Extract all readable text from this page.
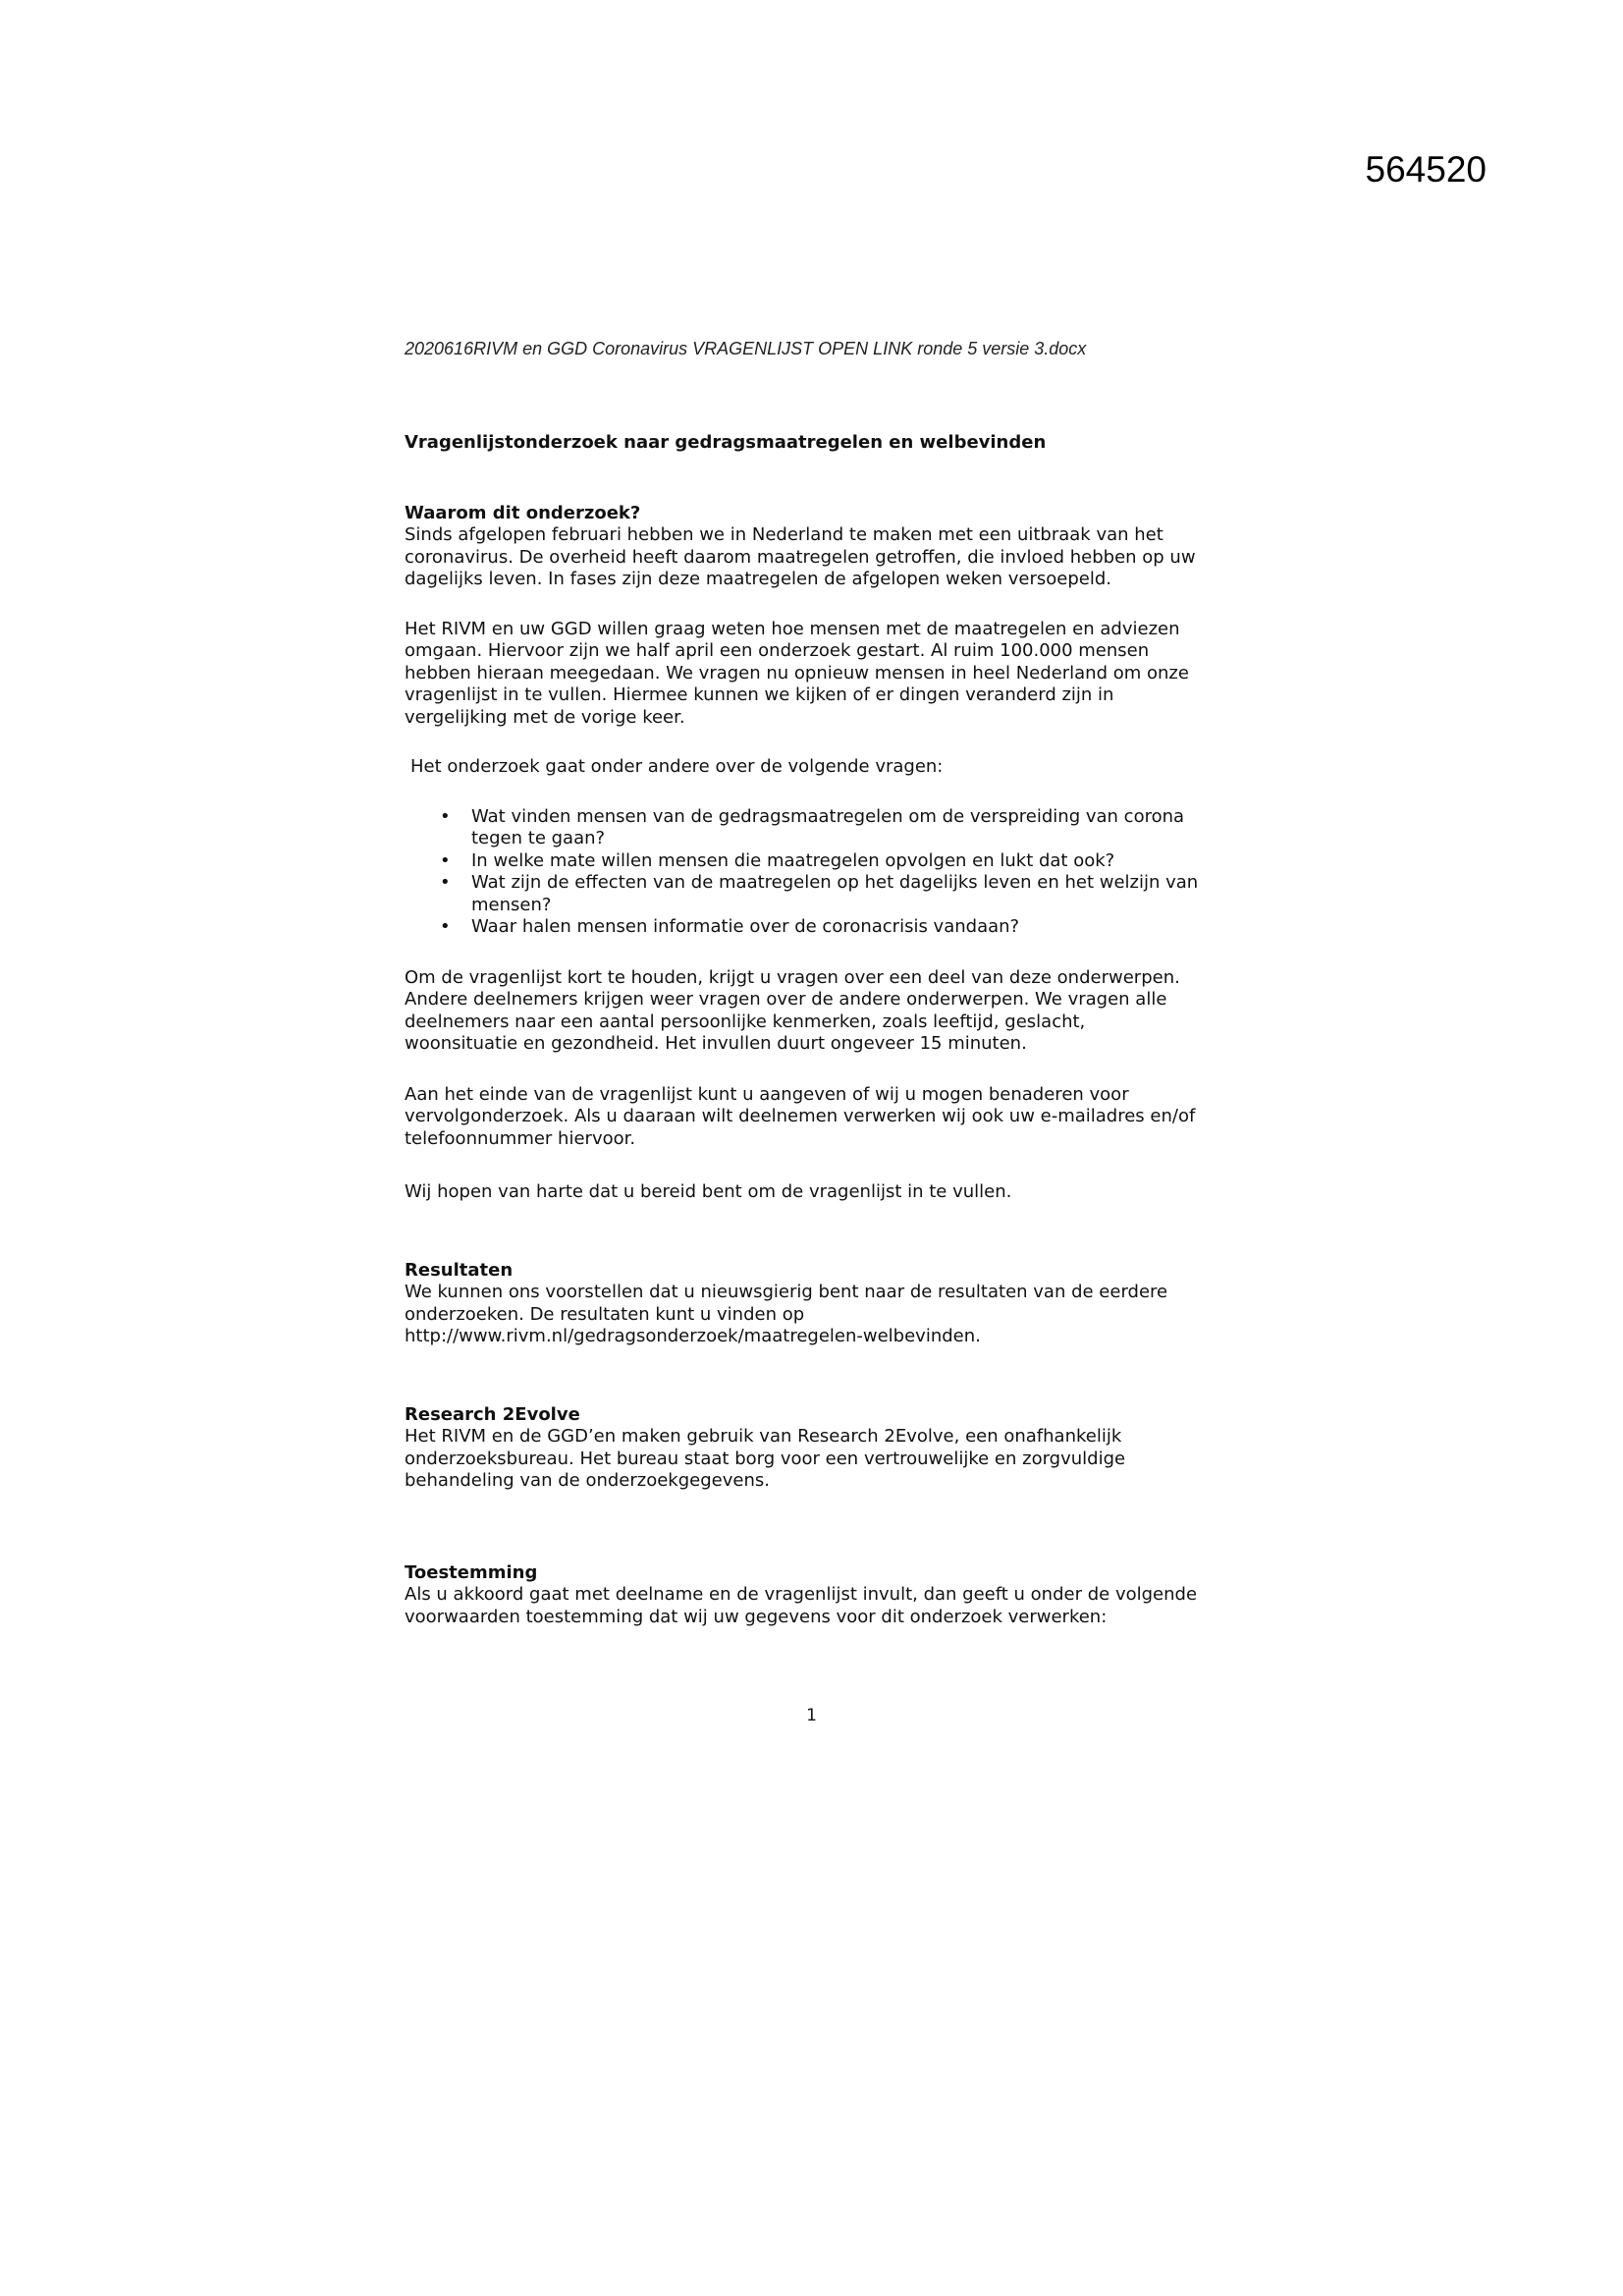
564520
2020616RIVM en GGD Coronavirus VRAGENLIJST OPEN LINK ronde 5 versie 3.docx

Vragenlijstonderzoek naar gedragsmaatregelen en welbevinden

Waarom dit onderzoek?

Sinds afgelopen februari hebben we in Nederland te maken met een uitbraak van het
coronavirus. De overheid heeft daarom maatregelen getroffen, die invloed hebben op uw
dagelijks leven. In fases zijn deze maatregelen de afgelopen weken versoepeld.

Het RIVM en uw GGD willen graag weten hoe mensen met de maatregelen en adviezen
omgaan. Hiervoor zijn we half april een onderzoek gestart. Al ruim 100.000 mensen
hebben hieraan meegedaan. We vragen nu opnieuw mensen in heel Nederland om onze
vragenlijst in te vullen. Hiermee kunnen we kijken of er dingen veranderd zijn in
vergelijking met de vorige keer.

Het onderzoek gaat onder andere over de volgende vragen:

• Wat vinden mensen van de gedragsmaatregelen om de verspreiding van corona
tegen te gaan?
• In welke mate willen mensen die maatregelen opvolgen en lukt dat ook?
• Wat zijn de effecten van de maatregelen op het dagelijks leven en het welzijn van
mensen?
• Waar halen mensen informatie over de coronacrisis vandaan?

Om de vragenlijst kort te houden, krijgt u vragen over een deel van deze onderwerpen.
Andere deelnemers krijgen weer vragen over de andere onderwerpen. We vragen alle
deelnemers naar een aantal persoonlijke kenmerken, zoals leeftijd, geslacht,
woonsituatie en gezondheid. Het invullen duurt ongeveer 15 minuten.

Aan het einde van de vragenlijst kunt u aangeven of wij u mogen benaderen voor
vervolgonderzoek. Als u daaraan wilt deelnemen verwerken wij ook uw e-mailadres en/of
telefoonnummer hiervoor.

Wij hopen van harte dat u bereid bent om de vragenlijst in te vullen.

Resultaten

We kunnen ons voorstellen dat u nieuwsgierig bent naar de resultaten van de eerdere
onderzoeken. De resultaten kunt u vinden op
http://www.rivm.nl/gedragsonderzoek/maatregelen-welbevinden.

Research 2Evolve

Het RIVM en de GGD’en maken gebruik van Research 2Evolve, een onafhankelijk
onderzoeksbureau. Het bureau staat borg voor een vertrouwelijke en zorgvuldige
behandeling van de onderzoekgegevens.

Toestemming

Als u akkoord gaat met deelname en de vragenlijst invult, dan geeft u onder de volgende
voorwaarden toestemming dat wij uw gegevens voor dit onderzoek verwerken:

1
